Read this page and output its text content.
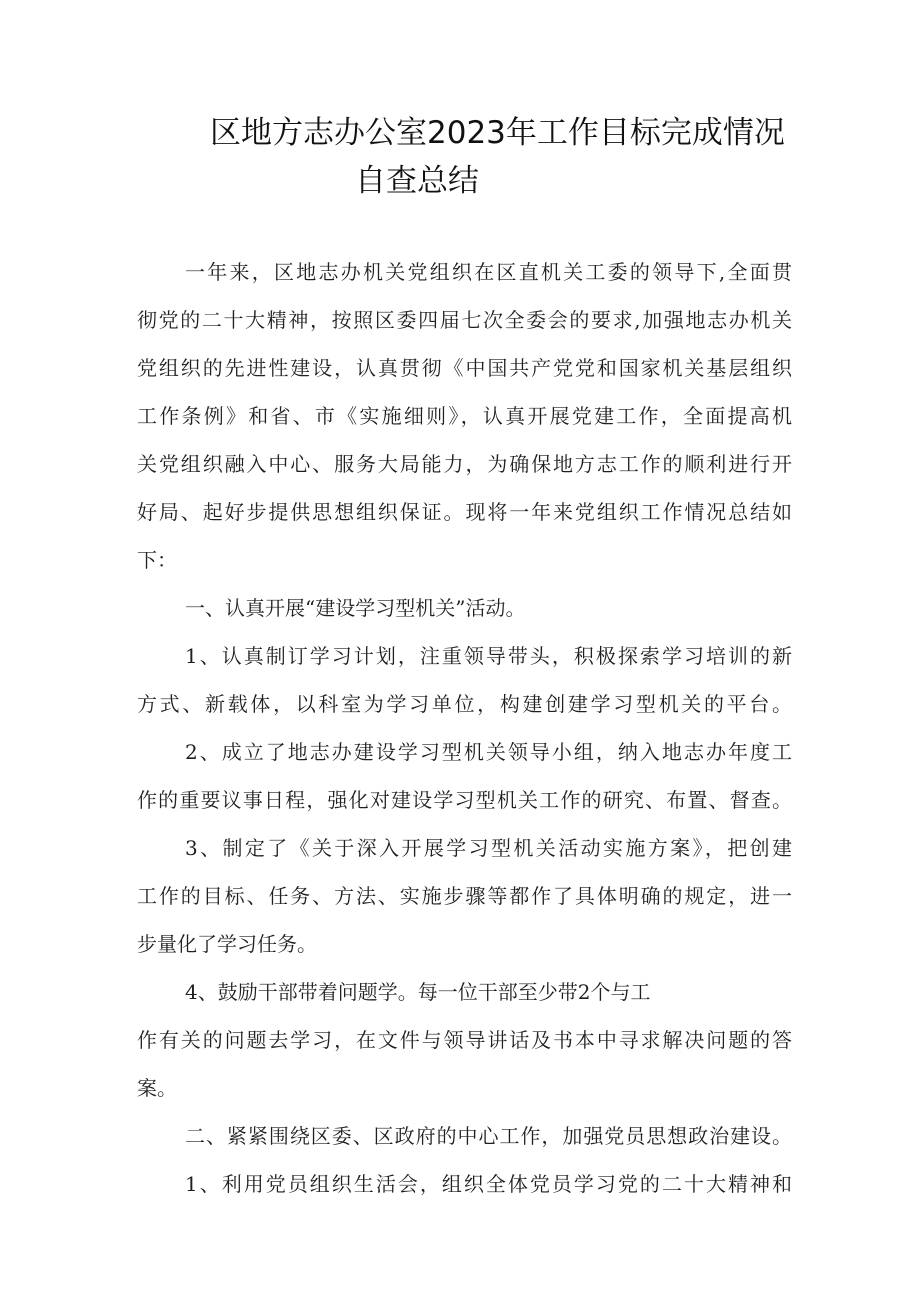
区地方志办公室2023年工作目标完成情况
自查总结
一年来，区地志办机关党组织在区直机关工委的领导下,全面贯
彻党的二十大精神，按照区委四届七次全委会的要求,加强地志办机关
党组织的先进性建设，认真贯彻《中国共产党党和国家机关基层组织
工作条例》和省、市《实施细则》，认真开展党建工作，全面提高机
关党组织融入中心、服务大局能力，为确保地方志工作的顺利进行开
好局、起好步提供思想组织保证。现将一年来党组织工作情况总结如
下：
一、认真开展“建设学习型机关”活动。
1、认真制订学习计划，注重领导带头，积极探索学习培训的新
方式、新载体，以科室为学习单位，构建创建学习型机关的平台。
2、成立了地志办建设学习型机关领导小组，纳入地志办年度工
作的重要议事日程，强化对建设学习型机关工作的研究、布置、督查。
3、制定了《关于深入开展学习型机关活动实施方案》，把创建
工作的目标、任务、方法、实施步骤等都作了具体明确的规定，进一
步量化了学习任务。
4、鼓励干部带着问题学。每一位干部至少带2个与工
作有关的问题去学习，在文件与领导讲话及书本中寻求解决问题的答
案。
二、紧紧围绕区委、区政府的中心工作，加强党员思想政治建设。
1、利用党员组织生活会，组织全体党员学习党的二十大精神和
